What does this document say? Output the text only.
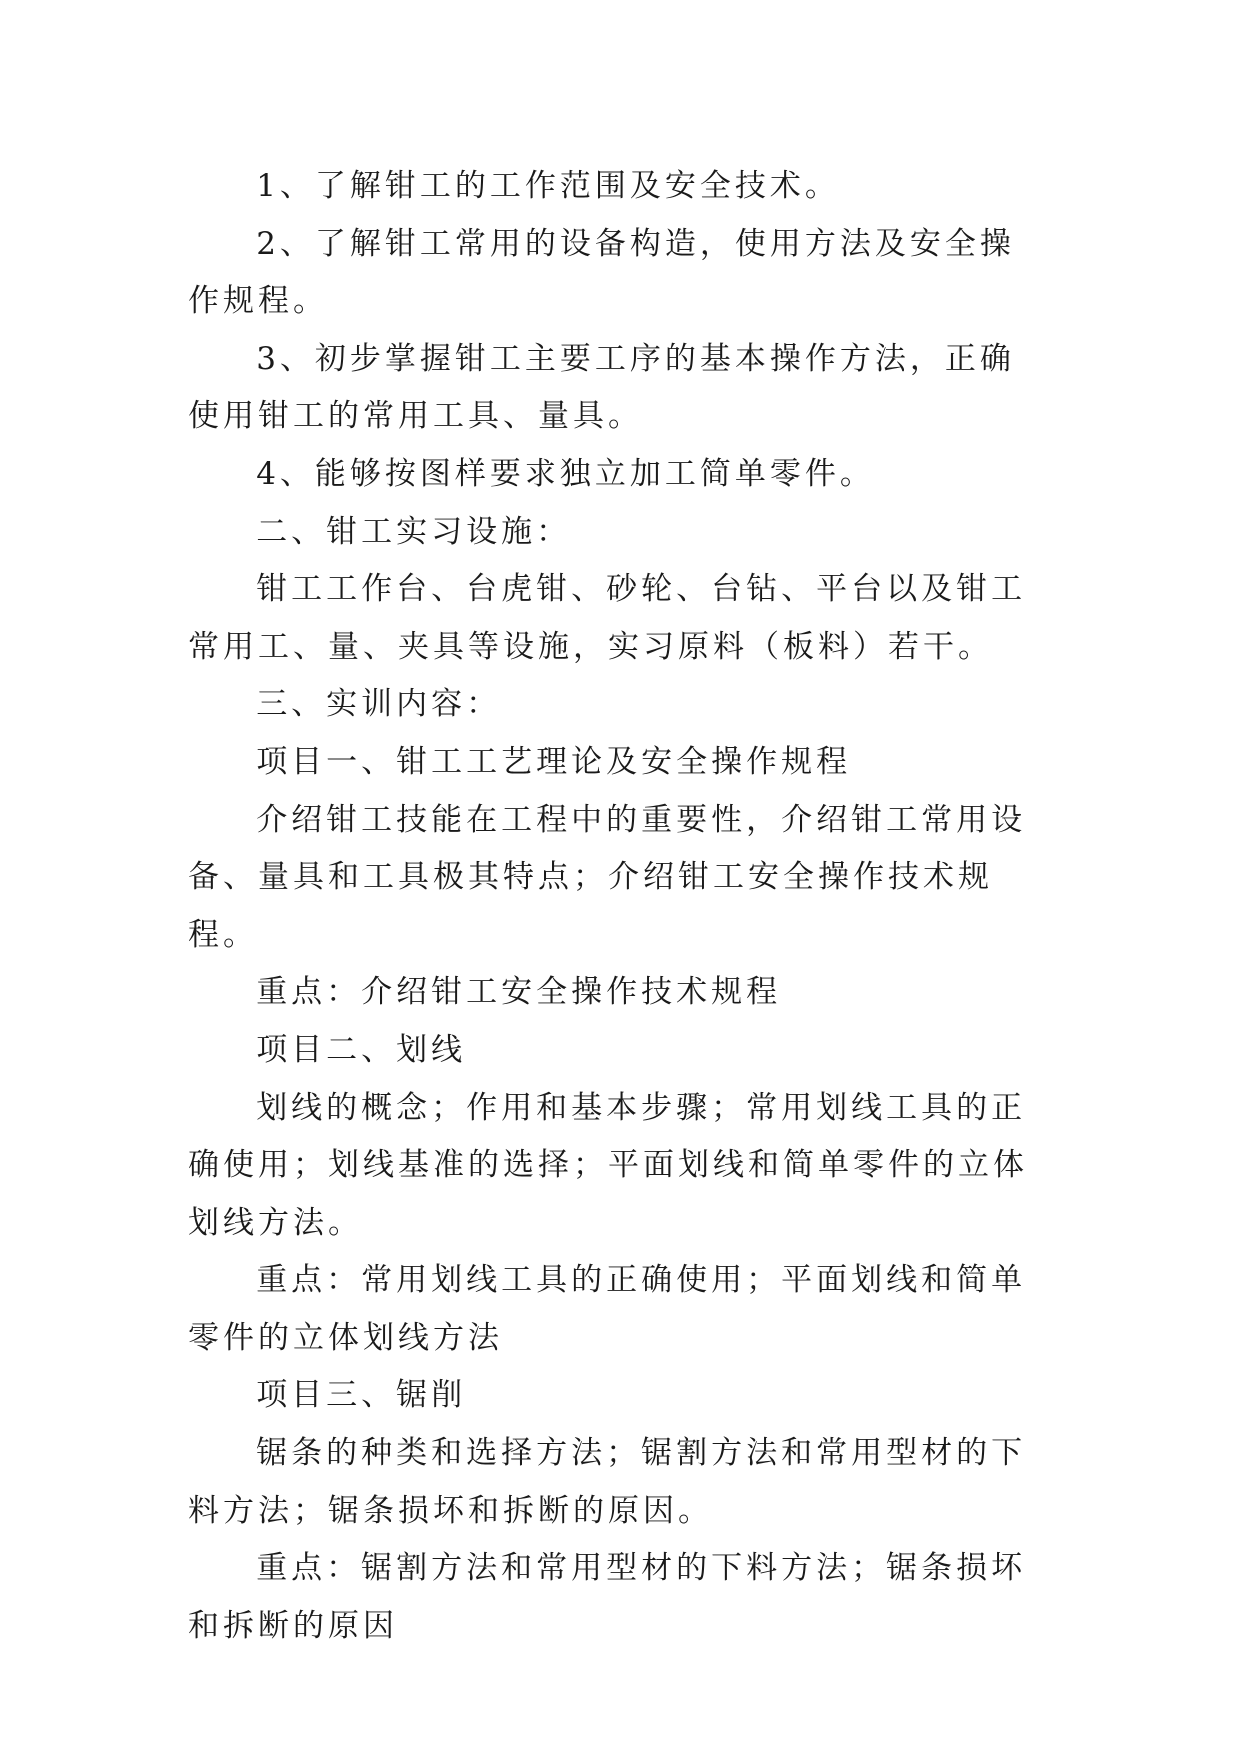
1、了解钳工的工作范围及安全技术。

2、了解钳工常用的设备构造，使用方法及安全操作规程。

3、初步掌握钳工主要工序的基本操作方法，正确使用钳工的常用工具、量具。

4、能够按图样要求独立加工简单零件。

二、钳工实习设施：

钳工工作台、台虎钳、砂轮、台钻、平台以及钳工常用工、量、夹具等设施，实习原料（板料）若干。

三、实训内容：

项目一、钳工工艺理论及安全操作规程

介绍钳工技能在工程中的重要性，介绍钳工常用设备、量具和工具极其特点；介绍钳工安全操作技术规程。

重点：介绍钳工安全操作技术规程

项目二、划线

划线的概念；作用和基本步骤；常用划线工具的正确使用；划线基准的选择；平面划线和简单零件的立体划线方法。

重点：常用划线工具的正确使用；平面划线和简单零件的立体划线方法

项目三、锯削

锯条的种类和选择方法；锯割方法和常用型材的下料方法；锯条损坏和拆断的原因。

重点：锯割方法和常用型材的下料方法；锯条损坏和拆断的原因
